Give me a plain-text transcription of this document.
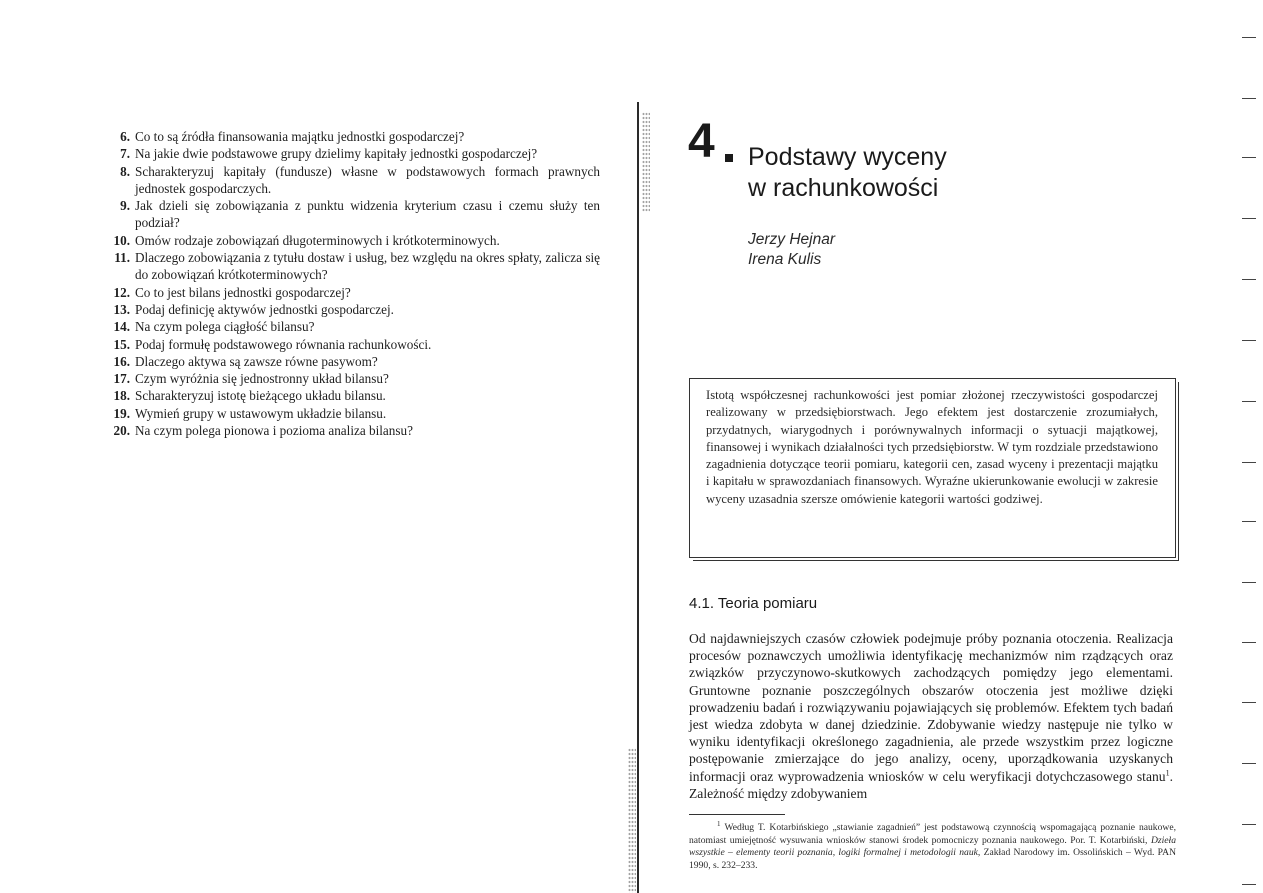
6. Co to są źródła finansowania majątku jednostki gospodarczej?
7. Na jakie dwie podstawowe grupy dzielimy kapitały jednostki gospodarczej?
8. Scharakteryzuj kapitały (fundusze) własne w podstawowych formach prawnych jednostek gospodarczych.
9. Jak dzieli się zobowiązania z punktu widzenia kryterium czasu i czemu służy ten podział?
10. Omów rodzaje zobowiązań długoterminowych i krótkoterminowych.
11. Dlaczego zobowiązania z tytułu dostaw i usług, bez względu na okres spłaty, zalicza się do zobowiązań krótkoterminowych?
12. Co to jest bilans jednostki gospodarczej?
13. Podaj definicję aktywów jednostki gospodarczej.
14. Na czym polega ciągłość bilansu?
15. Podaj formułę podstawowego równania rachunkowości.
16. Dlaczego aktywa są zawsze równe pasywom?
17. Czym wyróżnia się jednostronny układ bilansu?
18. Scharakteryzuj istotę bieżącego układu bilansu.
19. Wymień grupy w ustawowym układzie bilansu.
20. Na czym polega pionowa i pozioma analiza bilansu?
4 Podstawy wyceny
w rachunkowości
Jerzy Hejnar
Irena Kulis

Istotą współczesnej rachunkowości jest pomiar złożonej rzeczywistości gospodarczej realizowany w przedsiębiorstwach. Jego efektem jest dostarczenie zrozumiałych, przydatnych, wiarygodnych i porównywalnych informacji o sytuacji majątkowej, finansowej i wynikach działalności tych przedsiębiorstw. W tym rozdziale przedstawiono zagadnienia dotyczące teorii pomiaru, kategorii cen, zasad wyceny i prezentacji majątku i kapitału w sprawozdaniach finansowych. Wyraźne ukierunkowanie ewolucji w zakresie wyceny uzasadnia szersze omówienie kategorii wartości godziwej.

4.1. Teoria pomiaru

Od najdawniejszych czasów człowiek podejmuje próby poznania otoczenia. Realizacja procesów poznawczych umożliwia identyfikację mechanizmów nim rządzących oraz związków przyczynowo-skutkowych zachodzących pomiędzy jego elementami. Gruntowne poznanie poszczególnych obszarów otoczenia jest możliwe dzięki prowadzeniu badań i rozwiązywaniu pojawiających się problemów. Efektem tych badań jest wiedza zdobyta w danej dziedzinie. Zdobywanie wiedzy następuje nie tylko w wyniku identyfikacji określonego zagadnienia, ale przede wszystkim przez logiczne postępowanie zmierzające do jego analizy, oceny, uporządkowania uzyskanych informacji oraz wyprowadzenia wniosków w celu weryfikacji dotychczasowego stanu$^1$. Zależność między zdobywaniem

$^1$ Według T. Kotarbińskiego „stawianie zagadnień” jest podstawową czynnością wspomagającą poznanie naukowe, natomiast umiejętność wysuwania wniosków stanowi środek pomocniczy poznania naukowego. Por. T. Kotarbiński, Dzieła wszystkie – elementy teorii poznania, logiki formalnej i metodologii nauk, Zakład Narodowy im. Ossolińskich – Wyd. PAN 1990, s. 232–233.
